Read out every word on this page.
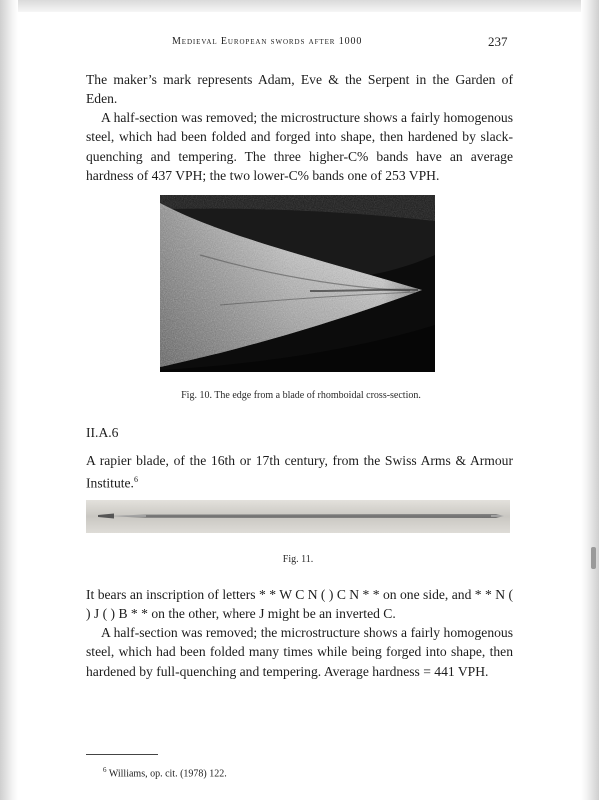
Medieval European swords after 1000	237

The maker’s mark represents Adam, Eve & the Serpent in the Garden of Eden.

A half-section was removed; the microstructure shows a fairly homogenous steel, which had been folded and forged into shape, then hardened by slack-quenching and tempering. The three higher-C% bands have an average hardness of 437 VPH; the two lower-C% bands one of 253 VPH.

Fig. 10. The edge from a blade of rhomboidal cross-section.
II.A.6

A rapier blade, of the 16th or 17th century, from the Swiss Arms & Armour Institute.$^6$

Fig. 11.

It bears an inscription of letters * * W C N ( ) C N * * on one side, and * * N ( ) J ( ) B * * on the other, where J might be an inverted C.

A half-section was removed; the microstructure shows a fairly homogenous steel, which had been folded many times while being forged into shape, then hardened by full-quenching and tempering. Average hardness = 441 VPH.

$^6$ Williams, op. cit. (1978) 122.
